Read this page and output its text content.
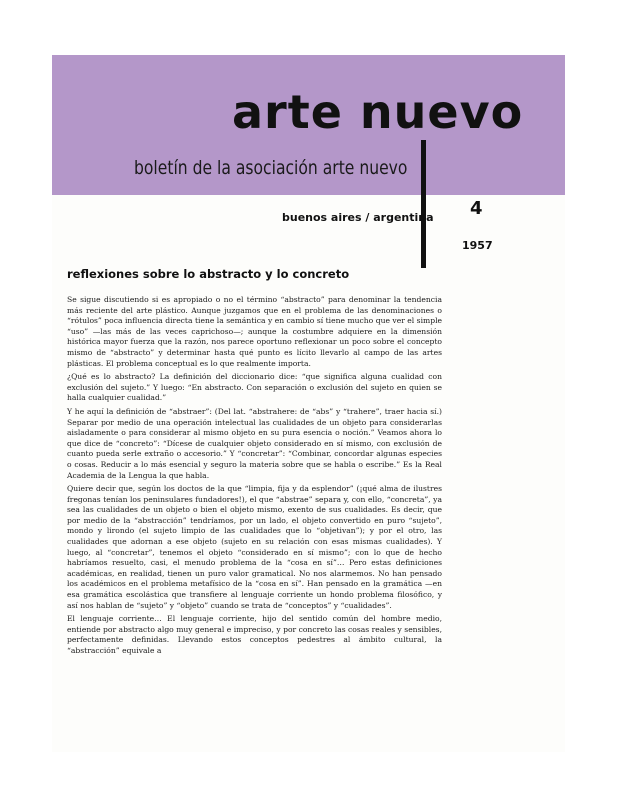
arte nuevo

boletín de la asociación arte nuevo

buenos aires / argentina 4

1957

reflexiones sobre lo abstracto y lo concreto

Se sigue discutiendo si es apropiado o no el término “abstracto” para denominar la tendencia más reciente del arte plástico. Aunque juzgamos que en el problema de las denominaciones o “rótulos” poca influencia directa tiene la semántica y en cambio sí tiene mucho que ver el simple “uso” —las más de las veces caprichoso—; aunque la costumbre adquiere en la dimensión histórica mayor fuerza que la razón, nos parece oportuno reflexionar un poco sobre el concepto mismo de “abstracto” y determinar hasta qué punto es lícito llevarlo al campo de las artes plásticas. El problema conceptual es lo que realmente importa.

¿Qué es lo abstracto? La definición del diccionario dice: “que significa alguna cualidad con exclusión del sujeto.” Y luego: “En abstracto. Con separación o exclusión del sujeto en quien se halla cualquier cualidad.”

Y he aquí la definición de “abstraer”: (Del lat. “abstrahere: de “abs” y “trahere”, traer hacia sí.) Separar por medio de una operación intelectual las cualidades de un objeto para considerarlas aisladamente o para considerar al mismo objeto en su pura esencia o noción.” Veamos ahora lo que dice de “concreto”: “Dícese de cualquier objeto considerado en sí mismo, con exclusión de cuanto pueda serle extraño o accesorio.” Y “concretar”: “Combinar, concordar algunas especies o cosas. Reducir a lo más esencial y seguro la materia sobre que se habla o escribe.” Es la Real Academia de la Lengua la que habla.

Quiere decir que, según los doctos de la que “limpia, fija y da esplendor” (¡qué alma de ilustres fregonas tenían los peninsulares fundadores!), el que “abstrae” separa y, con ello, “concreta”, ya sea las cualidades de un objeto o bien el objeto mismo, exento de sus cualidades. Es decir, que por medio de la “abstracción” tendríamos, por un lado, el objeto convertido en puro “sujeto”, mondo y lirondo (el sujeto limpio de las cualidades que lo “objetivan”); y por el otro, las cualidades que adornan a ese objeto (sujeto en su relación con esas mismas cualidades). Y luego, al “concretar”, tenemos el objeto “considerado en sí mismo”; con lo que de hecho habríamos resuelto, casi, el menudo problema de la “cosa en sí”… Pero estas definiciones académicas, en realidad, tienen un puro valor gramatical. No nos alarmemos. No han pensado los académicos en el problema metafísico de la “cosa en sí”. Han pensado en la gramática —en esa gramática escolástica que transfiere al lenguaje corriente un hondo problema filosófico, y así nos hablan de “sujeto” y “objeto” cuando se trata de “conceptos” y “cualidades”.

El lenguaje corriente… El lenguaje corriente, hijo del sentido común del hombre medio, entiende por abstracto algo muy general e impreciso, y por concreto las cosas reales y sensibles, perfectamente definidas. Llevando estos conceptos pedestres al ámbito cultural, la “abstracción” equivale a
